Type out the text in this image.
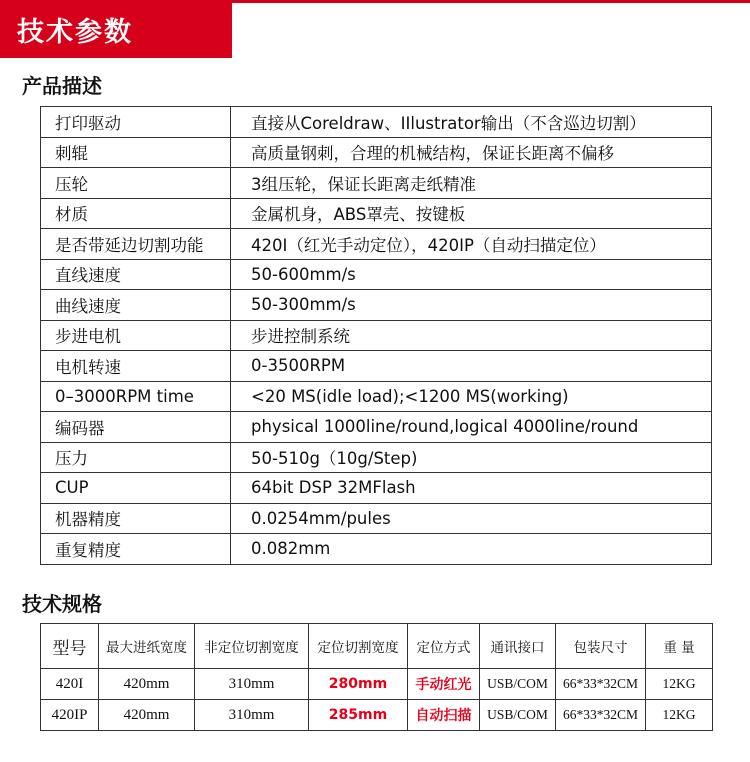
技术参数
产品描述
打印驱动	直接从Coreldraw、IIlustrator输出（不含巡边切割）
刺辊	高质量钢刺，合理的机械结构，保证长距离不偏移
压轮	3组压轮，保证长距离走纸精准
材质	金属机身，ABS罩壳、按键板
是否带延边切割功能	420I（红光手动定位），420IP（自动扫描定位）
直线速度	50-600mm/s
曲线速度	50-300mm/s
步进电机	步进控制系统
电机转速	0-3500RPM
0–3000RPM time	<20 MS(idle load);<1200 MS(working)
编码器	physical 1000line/round,logical 4000line/round
压力	50-510g（10g/Step)
CUP	64bit DSP 32MFlash
机器精度	0.0254mm/pules
重复精度	0.082mm
技术规格
型号	最大进纸宽度	非定位切割宽度	定位切割宽度	定位方式	通讯接口	包装尺寸	重 量
420I	420mm	310mm	280mm	手动红光	USB/COM	66*33*32CM	12KG
420IP	420mm	310mm	285mm	自动扫描	USB/COM	66*33*32CM	12KG
